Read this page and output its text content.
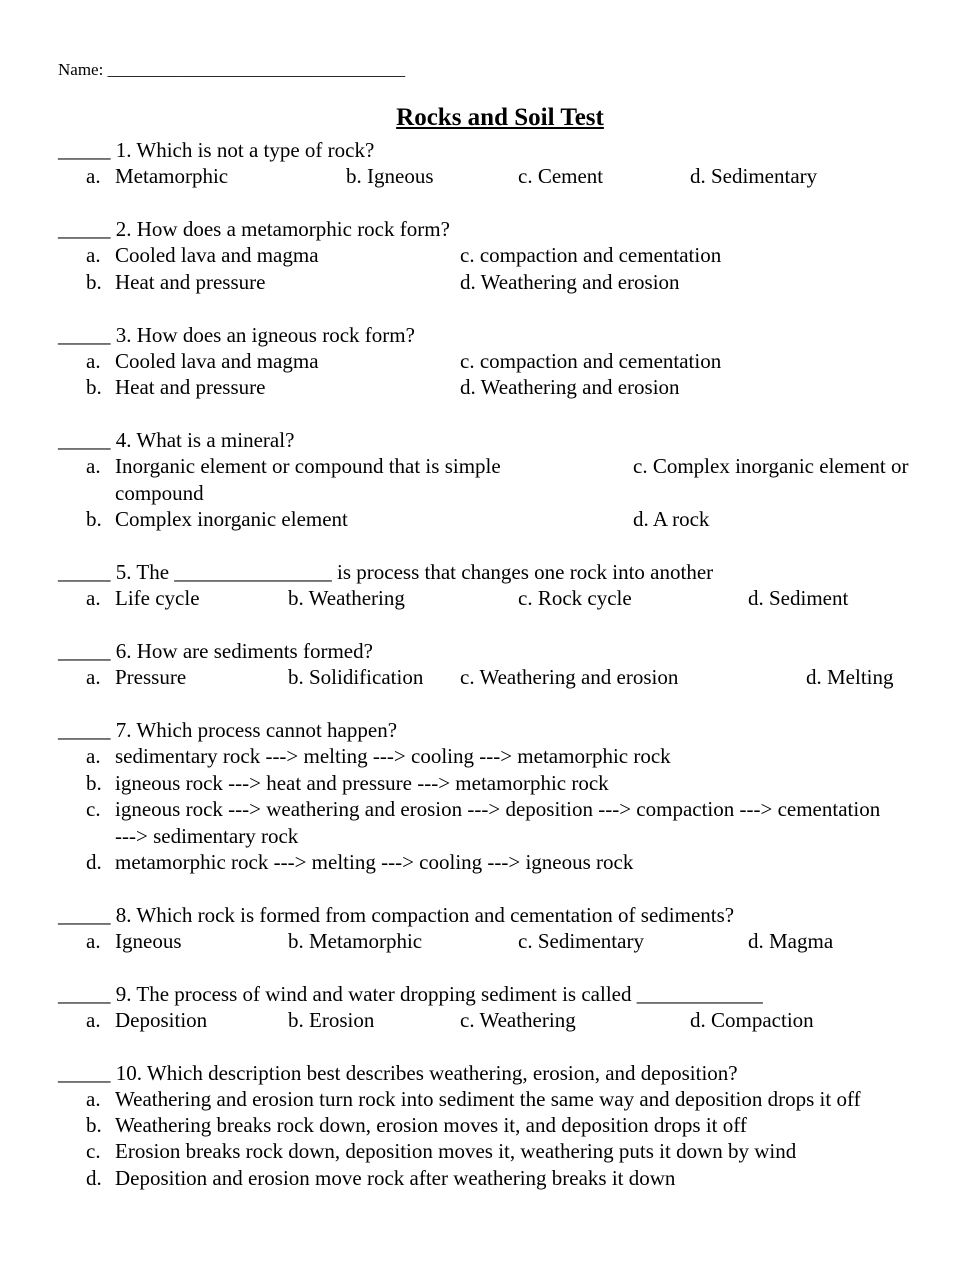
Name: ___________________________________
Rocks and Soil Test
_____ 1. Which is not a type of rock?
a. Metamorphic	b. Igneous	c. Cement	d. Sedimentary
_____ 2. How does a metamorphic rock form?
a. Cooled lava and magma	c. compaction and cementation
b. Heat and pressure	d. Weathering and erosion
_____ 3. How does an igneous rock form?
a. Cooled lava and magma	c. compaction and cementation
b. Heat and pressure	d. Weathering and erosion
_____ 4. What is a mineral?
a. Inorganic element or compound that is simple	c. Complex inorganic element or
compound
b. Complex inorganic element	d. A rock
_____ 5. The _______________ is process that changes one rock into another
a. Life cycle	b. Weathering	c. Rock cycle	d. Sediment
_____ 6. How are sediments formed?
a. Pressure	b. Solidification c. Weathering and erosion	d. Melting
_____ 7. Which process cannot happen?
a. sedimentary rock ---> melting ---> cooling ---> metamorphic rock
b. igneous rock ---> heat and pressure ---> metamorphic rock
c. igneous rock ---> weathering and erosion ---> deposition ---> compaction ---> cementation
---> sedimentary rock
d. metamorphic rock ---> melting ---> cooling ---> igneous rock
_____ 8. Which rock is formed from compaction and cementation of sediments?
a. Igneous	b. Metamorphic	c. Sedimentary	d. Magma
_____ 9. The process of wind and water dropping sediment is called ____________
a. Deposition	b. Erosion	c. Weathering	d. Compaction
_____ 10. Which description best describes weathering, erosion, and deposition?
a. Weathering and erosion turn rock into sediment the same way and deposition drops it off
b. Weathering breaks rock down, erosion moves it, and deposition drops it off
c. Erosion breaks rock down, deposition moves it, weathering puts it down by wind
d. Deposition and erosion move rock after weathering breaks it down
